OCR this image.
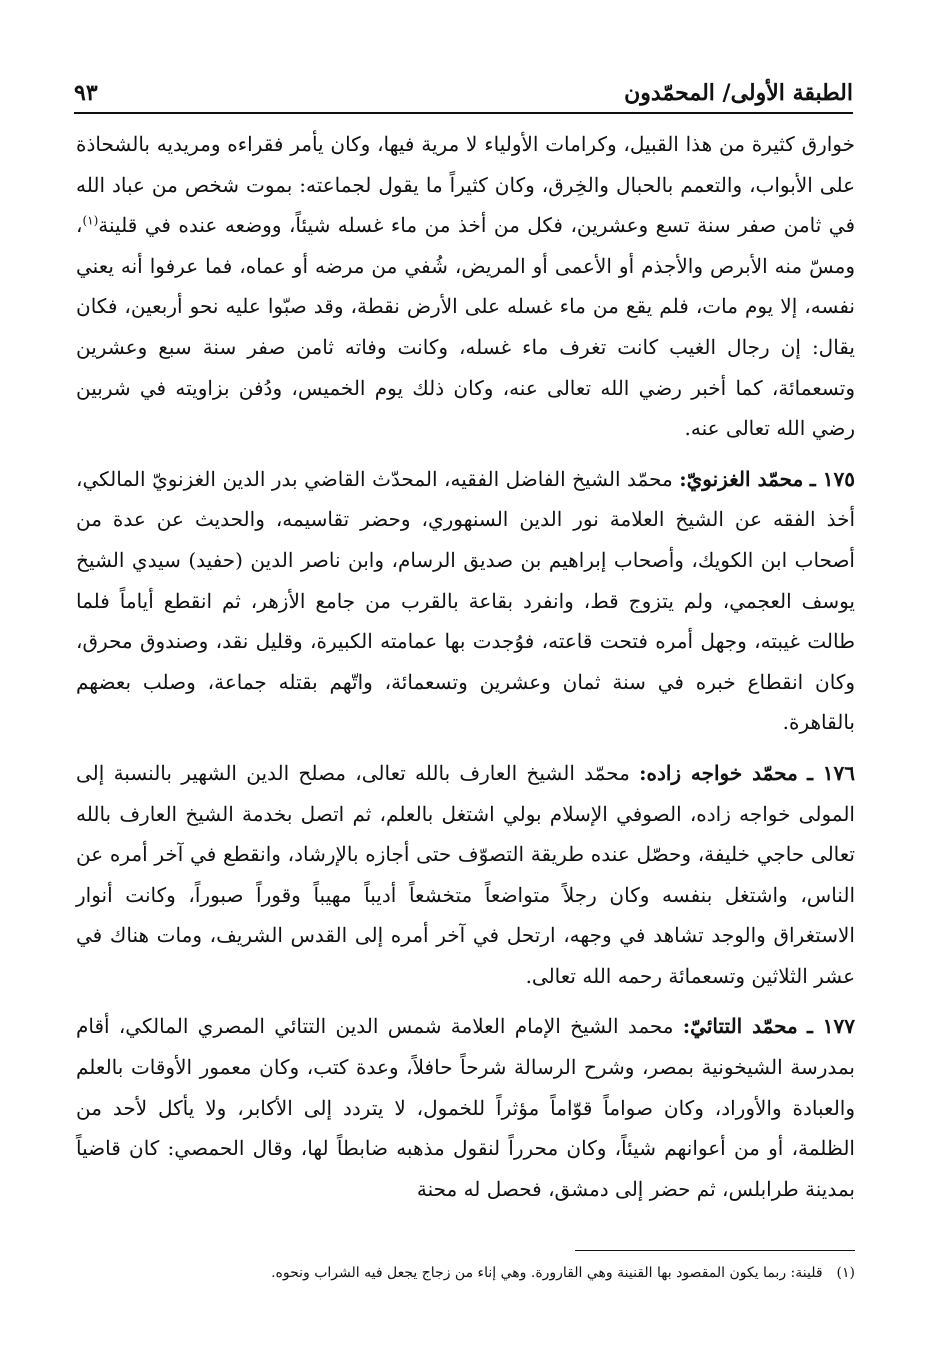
الطبقة الأولى/ المحمّدون
٩٣

خوارق كثيرة من هذا القبيل، وكرامات الأولياء لا مرية فيها، وكان يأمر فقراءه ومريديه بالشحاذة على الأبواب، والتعمم بالحبال والخِرق، وكان كثيراً ما يقول لجماعته: بموت شخص من عباد الله في ثامن صفر سنة تسع وعشرين، فكل من أخذ من ماء غسله شيئاً، ووضعه عنده في قلينة$^{(١)}$، ومسّ منه الأبرص والأجذم أو الأعمى أو المريض، شُفي من مرضه أو عماه، فما عرفوا أنه يعني نفسه، إلا يوم مات، فلم يقع من ماء غسله على الأرض نقطة، وقد صبّوا عليه نحو أربعين، فكان يقال: إن رجال الغيب كانت تغرف ماء غسله، وكانت وفاته ثامن صفر سنة سبع وعشرين وتسعمائة، كما أخبر رضي الله تعالى عنه، وكان ذلك يوم الخميس، ودُفن بزاويته في شربين رضي الله تعالى عنه.

١٧٥ ـ محمّد الغزنويّ: محمّد الشيخ الفاضل الفقيه، المحدّث القاضي بدر الدين الغزنويّ المالكي، أخذ الفقه عن الشيخ العلامة نور الدين السنهوري، وحضر تقاسيمه، والحديث عن عدة من أصحاب ابن الكويك، وأصحاب إبراهيم بن صديق الرسام، وابن ناصر الدين (حفيد) سيدي الشيخ يوسف العجمي، ولم يتزوج قط، وانفرد بقاعة بالقرب من جامع الأزهر، ثم انقطع أياماً فلما طالت غيبته، وجهل أمره فتحت قاعته، فوُجدت بها عمامته الكبيرة، وقليل نقد، وصندوق محرق، وكان انقطاع خبره في سنة ثمان وعشرين وتسعمائة، واتّهم بقتله جماعة، وصلب بعضهم بالقاهرة.

١٧٦ ـ محمّد خواجه زاده: محمّد الشيخ العارف بالله تعالى، مصلح الدين الشهير بالنسبة إلى المولى خواجه زاده، الصوفي الإسلام بولي اشتغل بالعلم، ثم اتصل بخدمة الشيخ العارف بالله تعالى حاجي خليفة، وحصّل عنده طريقة التصوّف حتى أجازه بالإرشاد، وانقطع في آخر أمره عن الناس، واشتغل بنفسه وكان رجلاً متواضعاً متخشعاً أديباً مهيباً وقوراً صبوراً، وكانت أنوار الاستغراق والوجد تشاهد في وجهه، ارتحل في آخر أمره إلى القدس الشريف، ومات هناك في عشر الثلاثين وتسعمائة رحمه الله تعالى.

١٧٧ ـ محمّد التتائيّ: محمد الشيخ الإمام العلامة شمس الدين التتائي المصري المالكي، أقام بمدرسة الشيخونية بمصر، وشرح الرسالة شرحاً حافلاً، وعدة كتب، وكان معمور الأوقات بالعلم والعبادة والأوراد، وكان صواماً قوّاماً مؤثراً للخمول، لا يتردد إلى الأكابر، ولا يأكل لأحد من الظلمة، أو من أعوانهم شيئاً، وكان محرراً لنقول مذهبه ضابطاً لها، وقال الحمصي: كان قاضياً بمدينة طرابلس، ثم حضر إلى دمشق، فحصل له محنة

(١)قلينة: ربما يكون المقصود بها القنينة وهي القارورة. وهي إناء من زجاج يجعل فيه الشراب ونحوه.
